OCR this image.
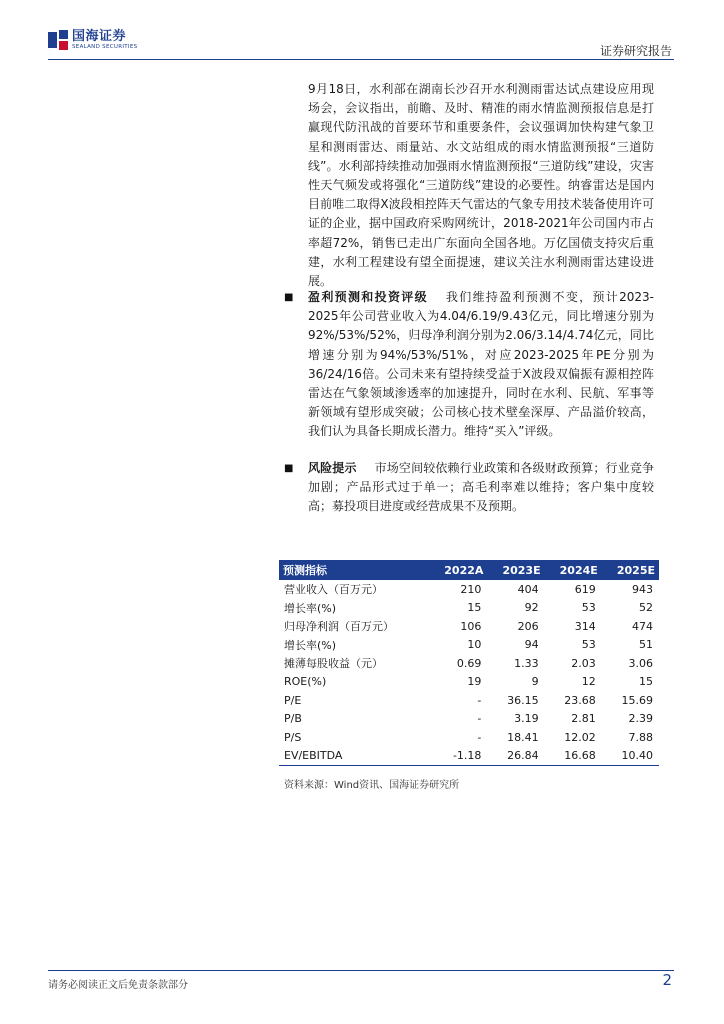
国海证券
SEALAND SECURITIES	证券研究报告

9月18日，水利部在湖南长沙召开水利测雨雷达试点建设应用现场会，会议指出，前瞻、及时、精准的雨水情监测预报信息是打赢现代防汛战的首要环节和重要条件，会议强调加快构建气象卫星和测雨雷达、雨量站、水文站组成的雨水情监测预报“三道防线”。水利部持续推动加强雨水情监测预报“三道防线”建设，灾害性天气频发或将强化“三道防线”建设的必要性。纳睿雷达是国内目前唯二取得X波段相控阵天气雷达的气象专用技术装备使用许可证的企业，据中国政府采购网统计，2018-2021年公司国内市占率超72%，销售已走出广东面向全国各地。万亿国债支持灾后重建，水利工程建设有望全面提速，建议关注水利测雨雷达建设进展。

■ 盈利预测和投资评级 我们维持盈利预测不变，预计2023-2025年公司营业收入为4.04/6.19/9.43亿元，同比增速分别为92%/53%/52%，归母净利润分别为2.06/3.14/4.74亿元，同比增速分别为94%/53%/51%，对应2023-2025年PE分别为36/24/16倍。公司未来有望持续受益于X波段双偏振有源相控阵雷达在气象领域渗透率的加速提升，同时在水利、民航、军事等新领域有望形成突破；公司核心技术壁垒深厚、产品溢价较高，我们认为具备长期成长潜力。维持“买入”评级。

■ 风险提示 市场空间较依赖行业政策和各级财政预算；行业竞争加剧；产品形式过于单一；高毛利率难以维持；客户集中度较高；募投项目进度或经营成果不及预期。

预测指标	2022A	2023E	2024E	2025E
营业收入（百万元）	210	404	619	943
增长率(%)	15	92	53	52
归母净利润（百万元）	106	206	314	474
增长率(%)	10	94	53	51
摊薄每股收益（元）	0.69	1.33	2.03	3.06
ROE(%)	19	9	12	15
P/E	-	36.15	23.68	15.69
P/B	-	3.19	2.81	2.39
P/S	-	18.41	12.02	7.88
EV/EBITDA	-1.18	26.84	16.68	10.40
资料来源：Wind资讯、国海证券研究所
请务必阅读正文后免责条款部分	2
